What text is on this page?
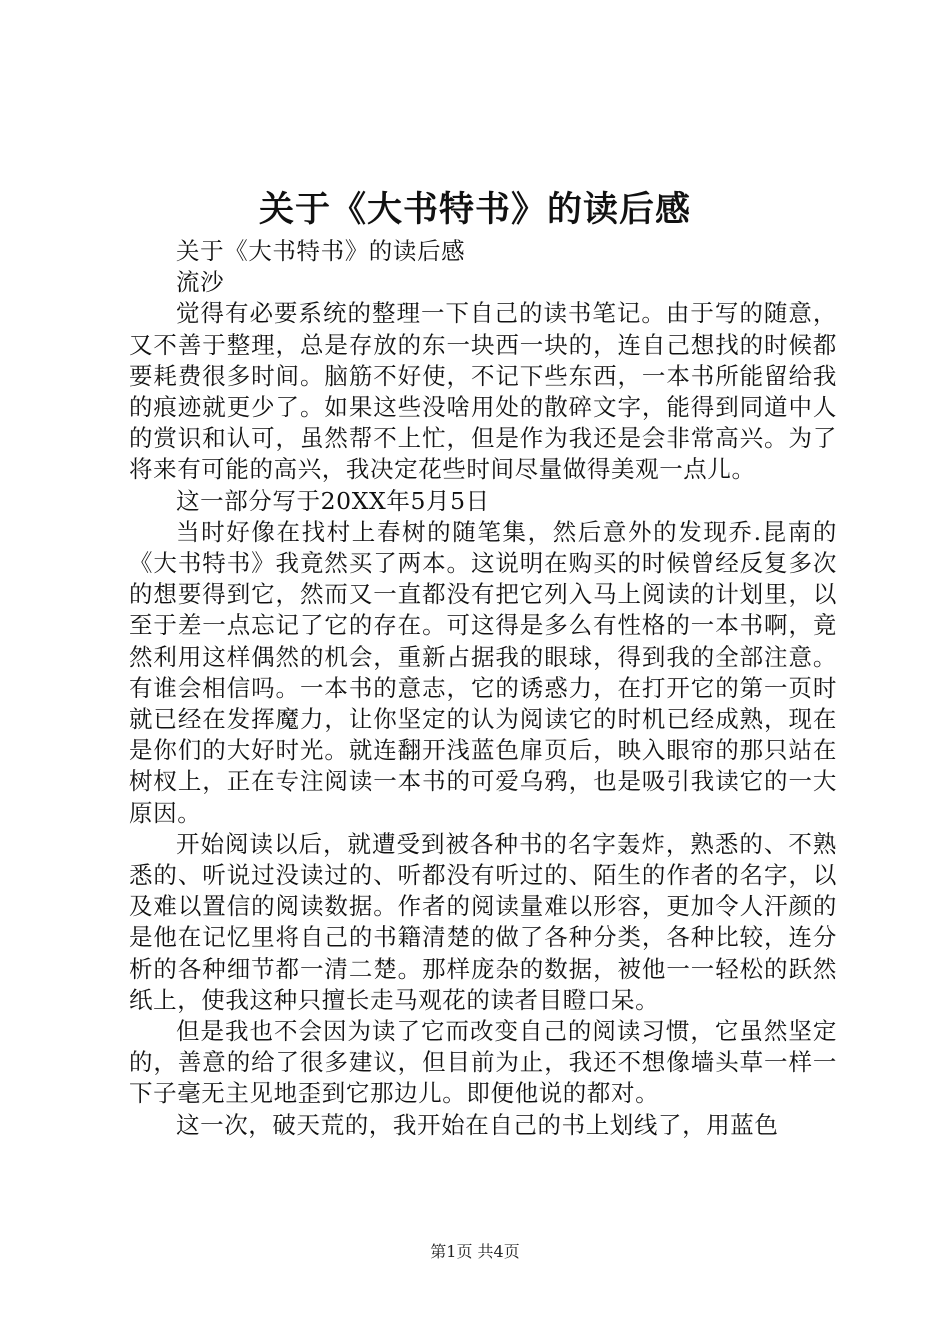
关于《大书特书》的读后感

关于《大书特书》的读后感

流沙

觉得有必要系统的整理一下自己的读书笔记。由于写的随意，又不善于整理，总是存放的东一块西一块的，连自己想找的时候都要耗费很多时间。脑筋不好使，不记下些东西，一本书所能留给我的痕迹就更少了。如果这些没啥用处的散碎文字，能得到同道中人的赏识和认可，虽然帮不上忙，但是作为我还是会非常高兴。为了将来有可能的高兴，我决定花些时间尽量做得美观一点儿。

这一部分写于20XX年5月5日

当时好像在找村上春树的随笔集，然后意外的发现乔.昆南的《大书特书》我竟然买了两本。这说明在购买的时候曾经反复多次的想要得到它，然而又一直都没有把它列入马上阅读的计划里，以至于差一点忘记了它的存在。可这得是多么有性格的一本书啊，竟然利用这样偶然的机会，重新占据我的眼球，得到我的全部注意。有谁会相信吗。一本书的意志，它的诱惑力，在打开它的第一页时就已经在发挥魔力，让你坚定的认为阅读它的时机已经成熟，现在是你们的大好时光。就连翻开浅蓝色扉页后，映入眼帘的那只站在树杈上，正在专注阅读一本书的可爱乌鸦，也是吸引我读它的一大原因。

开始阅读以后，就遭受到被各种书的名字轰炸，熟悉的、不熟悉的、听说过没读过的、听都没有听过的、陌生的作者的名字，以及难以置信的阅读数据。作者的阅读量难以形容，更加令人汗颜的是他在记忆里将自己的书籍清楚的做了各种分类，各种比较，连分析的各种细节都一清二楚。那样庞杂的数据，被他一一轻松的跃然纸上，使我这种只擅长走马观花的读者目瞪口呆。

但是我也不会因为读了它而改变自己的阅读习惯，它虽然坚定的，善意的给了很多建议，但目前为止，我还不想像墙头草一样一下子毫无主见地歪到它那边儿。即便他说的都对。

这一次，破天荒的，我开始在自己的书上划线了，用蓝色

第1页 共4页
